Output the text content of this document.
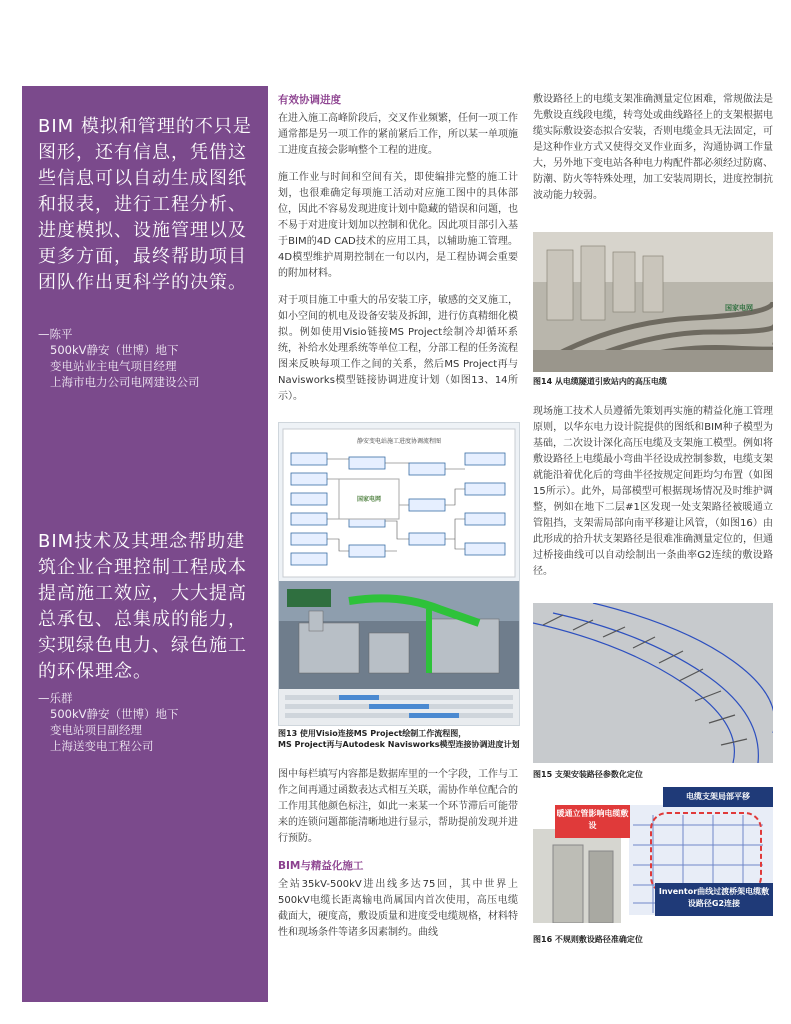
BIM 模拟和管理的不只是图形，还有信息，凭借这些信息可以自动生成图纸和报表，进行工程分析、进度模拟、设施管理以及更多方面，最终帮助项目团队作出更科学的决策。

—陈平
500kV静安（世博）地下
变电站业主电气项目经理
上海市电力公司电网建设公司

BIM技术及其理念帮助建筑企业合理控制工程成本提高施工效应，大大提高总承包、总集成的能力，实现绿色电力、绿色施工的环保理念。

—乐群
500kV静安（世博）地下
变电站项目副经理
上海送变电工程公司
有效协调进度

在进入施工高峰阶段后，交叉作业频繁，任何一项工作通常都是另一项工作的紧前紧后工作，所以某一单项施工进度直接会影响整个工程的进度。

施工作业与时间和空间有关，即使编排完整的施工计划，也很难确定每项施工活动对应施工图中的具体部位，因此不容易发现进度计划中隐藏的错误和问题，也不易于对进度计划加以控制和优化。因此项目部引入基于BIM的4D CAD技术的应用工具，以辅助施工管理。4D模型维护周期控制在一旬以内，是工程协调会重要的附加材料。

对于项目施工中重大的吊安装工序，敏感的交叉施工，如小空间的机电及设备安装及拆卸，进行仿真精细化模拟。例如使用Visio链接MS Project绘制冷却循环系统，补给水处理系统等单位工程，分部工程的任务流程图来反映每项工作之间的关系，然后MS Project再与Navisworks模型链接协调进度计划（如图13、14所示）。

静安变电站施工进度协调流程图
国家电网
图13 使用Visio连接MS Project绘制工作流程图，
MS Project再与Autodesk Navisworks模型连接协调进度计划

图中每栏填写内容都是数据库里的一个字段，工作与工作之间再通过函数表达式相互关联，需协作单位配合的工作用其他颜色标注，如此一来某一个环节滞后可能带来的连锁问题都能清晰地进行显示，帮助提前发现并进行预防。

BIM与精益化施工

全站35kV-500kV进出线多达75回，其中世界上500kV电缆长距离输电尚属国内首次使用，高压电缆截面大，硬度高，敷设质量和进度受电缆规格，材料特性和现场条件等诸多因素制约。曲线

敷设路径上的电缆支架准确测量定位困难，常规做法是先敷设直线段电缆，转弯处或曲线路径上的支架根据电缆实际敷设姿态拟合安装，否则电缆金具无法固定，可是这种作业方式又使得交叉作业面多，沟通协调工作量大，另外地下变电站各种电力构配件都必须经过防腐、防潮、防火等特殊处理，加工安装周期长，进度控制抗波动能力较弱。

国家电网
图14 从电缆隧道引致站内的高压电缆

现场施工技术人员遵循先策划再实施的精益化施工管理原则，以华东电力设计院提供的图纸和BIM种子模型为基础，二次设计深化高压电缆及支架施工模型。例如将敷设路径上电缆最小弯曲半径设成控制参数，电缆支架就能沿着优化后的弯曲半径按规定间距均匀布置（如图15所示）。此外，局部模型可根据现场情况及时维护调整，例如在地下二层#1区发现一处支架路径被暖通立管阻挡，支架需局部向南平移避让风管，（如图16）由此形成的拾升状支架路径是很难准确测量定位的，但通过桥接曲线可以自动绘制出一条曲率G2连续的敷设路径。

图15 支架安装路径参数化定位
电缆支架局部平移
暖通立管影响电缆敷设
Inventor曲线过渡桥架电缆敷设路径G2连接
图16 不规则敷设路径准确定位
